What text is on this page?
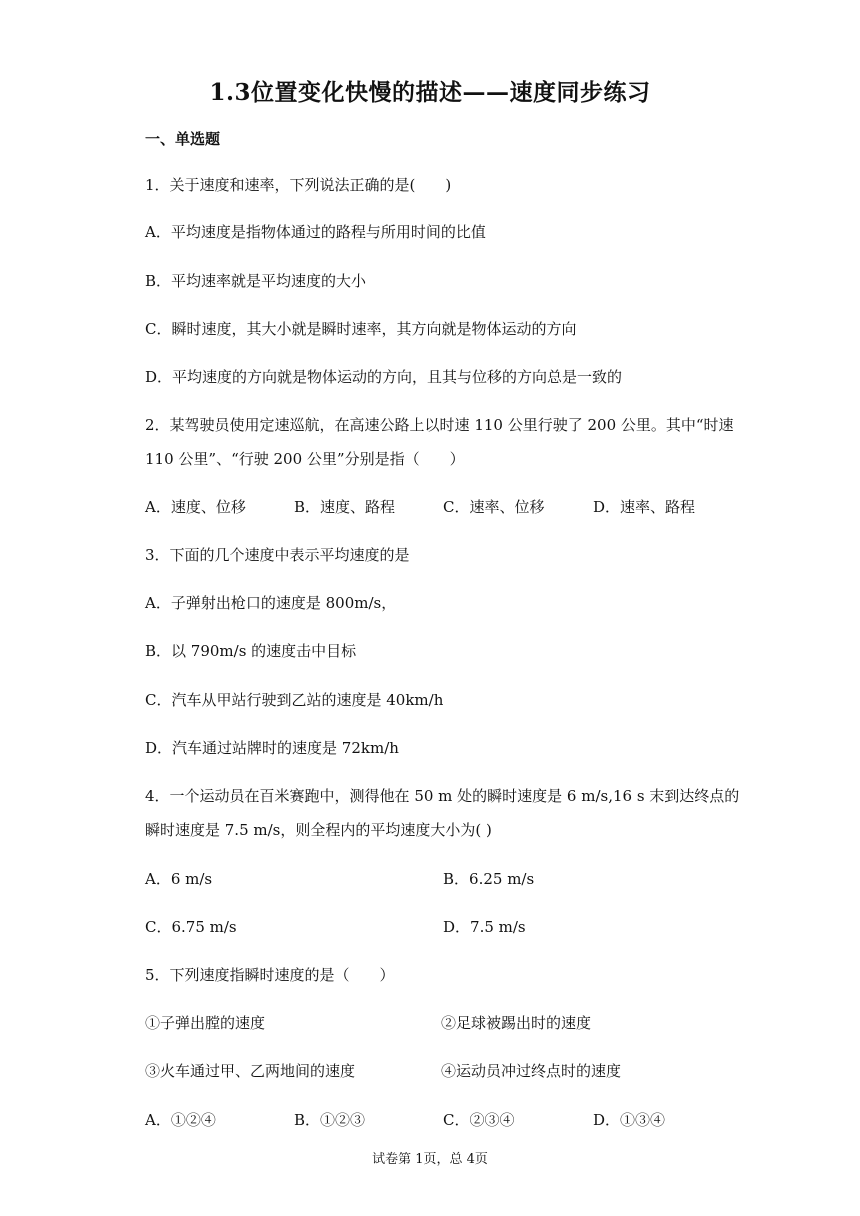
1.3位置变化快慢的描述——速度同步练习
一、单选题
1．关于速度和速率，下列说法正确的是(　　)
A．平均速度是指物体通过的路程与所用时间的比值
B．平均速率就是平均速度的大小
C．瞬时速度，其大小就是瞬时速率，其方向就是物体运动的方向
D．平均速度的方向就是物体运动的方向，且其与位移的方向总是一致的
2．某驾驶员使用定速巡航，在高速公路上以时速 110 公里行驶了 200 公里。其中“时速
110 公里”、“行驶 200 公里”分别是指（　　）
A．速度、位移	B．速度、路程	C．速率、位移	D．速率、路程
3．下面的几个速度中表示平均速度的是
A．子弹射出枪口的速度是 800m/s，
B．以 790m/s 的速度击中目标
C．汽车从甲站行驶到乙站的速度是 40km/h
D．汽车通过站牌时的速度是 72km/h
4．一个运动员在百米赛跑中，测得他在 50 m 处的瞬时速度是 6 m/s,16 s 末到达终点的
瞬时速度是 7.5 m/s，则全程内的平均速度大小为( )
A．6 m/s	B．6.25 m/s
C．6.75 m/s	D．7.5 m/s
5．下列速度指瞬时速度的是（　　）
①子弹出膛的速度	②足球被踢出时的速度
③火车通过甲、乙两地间的速度	④运动员冲过终点时的速度
A．①②④	B．①②③	C．②③④	D．①③④
试卷第 1页，总 4页
